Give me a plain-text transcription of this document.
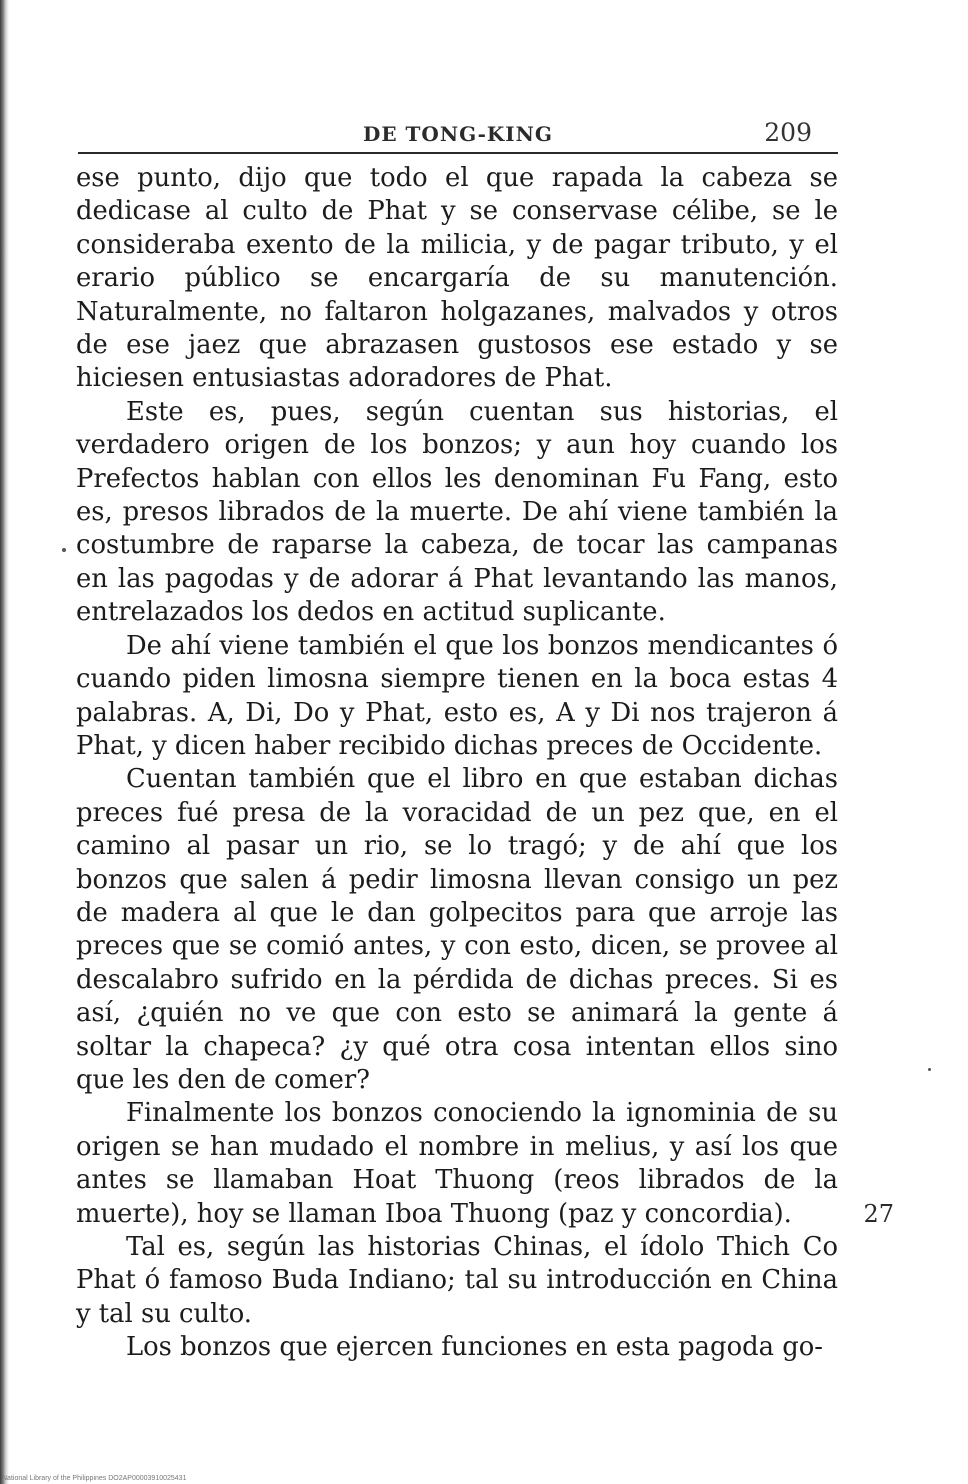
DE TONG-KING	209

ese punto, dijo que todo el que rapada la cabeza se dedicase al culto de Phat y se conservase célibe, se le consideraba exento de la milicia, y de pagar tributo, y el erario público se encargaría de su manutención. Naturalmente, no faltaron holgazanes, malvados y otros de ese jaez que abrazasen gustosos ese estado y se hiciesen entusiastas adoradores de Phat.

Este es, pues, según cuentan sus historias, el verdadero origen de los bonzos; y aun hoy cuando los Prefectos hablan con ellos les denominan Fu Fang, esto es, presos librados de la muerte. De ahí viene también la costumbre de raparse la cabeza, de tocar las campanas en las pagodas y de adorar á Phat levantando las manos, entrelazados los dedos en actitud suplicante.

De ahí viene también el que los bonzos mendicantes ó cuando piden limosna siempre tienen en la boca estas 4 palabras. A, Di, Do y Phat, esto es, A y Di nos trajeron á Phat, y dicen haber recibido dichas preces de Occidente.

Cuentan también que el libro en que estaban dichas preces fué presa de la voracidad de un pez que, en el camino al pasar un rio, se lo tragó; y de ahí que los bonzos que salen á pedir limosna llevan consigo un pez de madera al que le dan golpecitos para que arroje las preces que se comió antes, y con esto, dicen, se provee al descalabro sufrido en la pérdida de dichas preces. Si es así, ¿quién no ve que con esto se animará la gente á soltar la chapeca? ¿y qué otra cosa intentan ellos sino que les den de comer?

Finalmente los bonzos conociendo la ignominia de su origen se han mudado el nombre in melius, y así los que antes se llamaban Hoat Thuong (reos librados de la muerte), hoy se llaman Iboa Thuong (paz y concordia).

Tal es, según las historias Chinas, el ídolo Thich Co Phat ó famoso Buda Indiano; tal su introducción en China y tal su culto.

Los bonzos que ejercen funciones en esta pagoda go-

27
National Library of the Philippines DO2AP00003910025431
